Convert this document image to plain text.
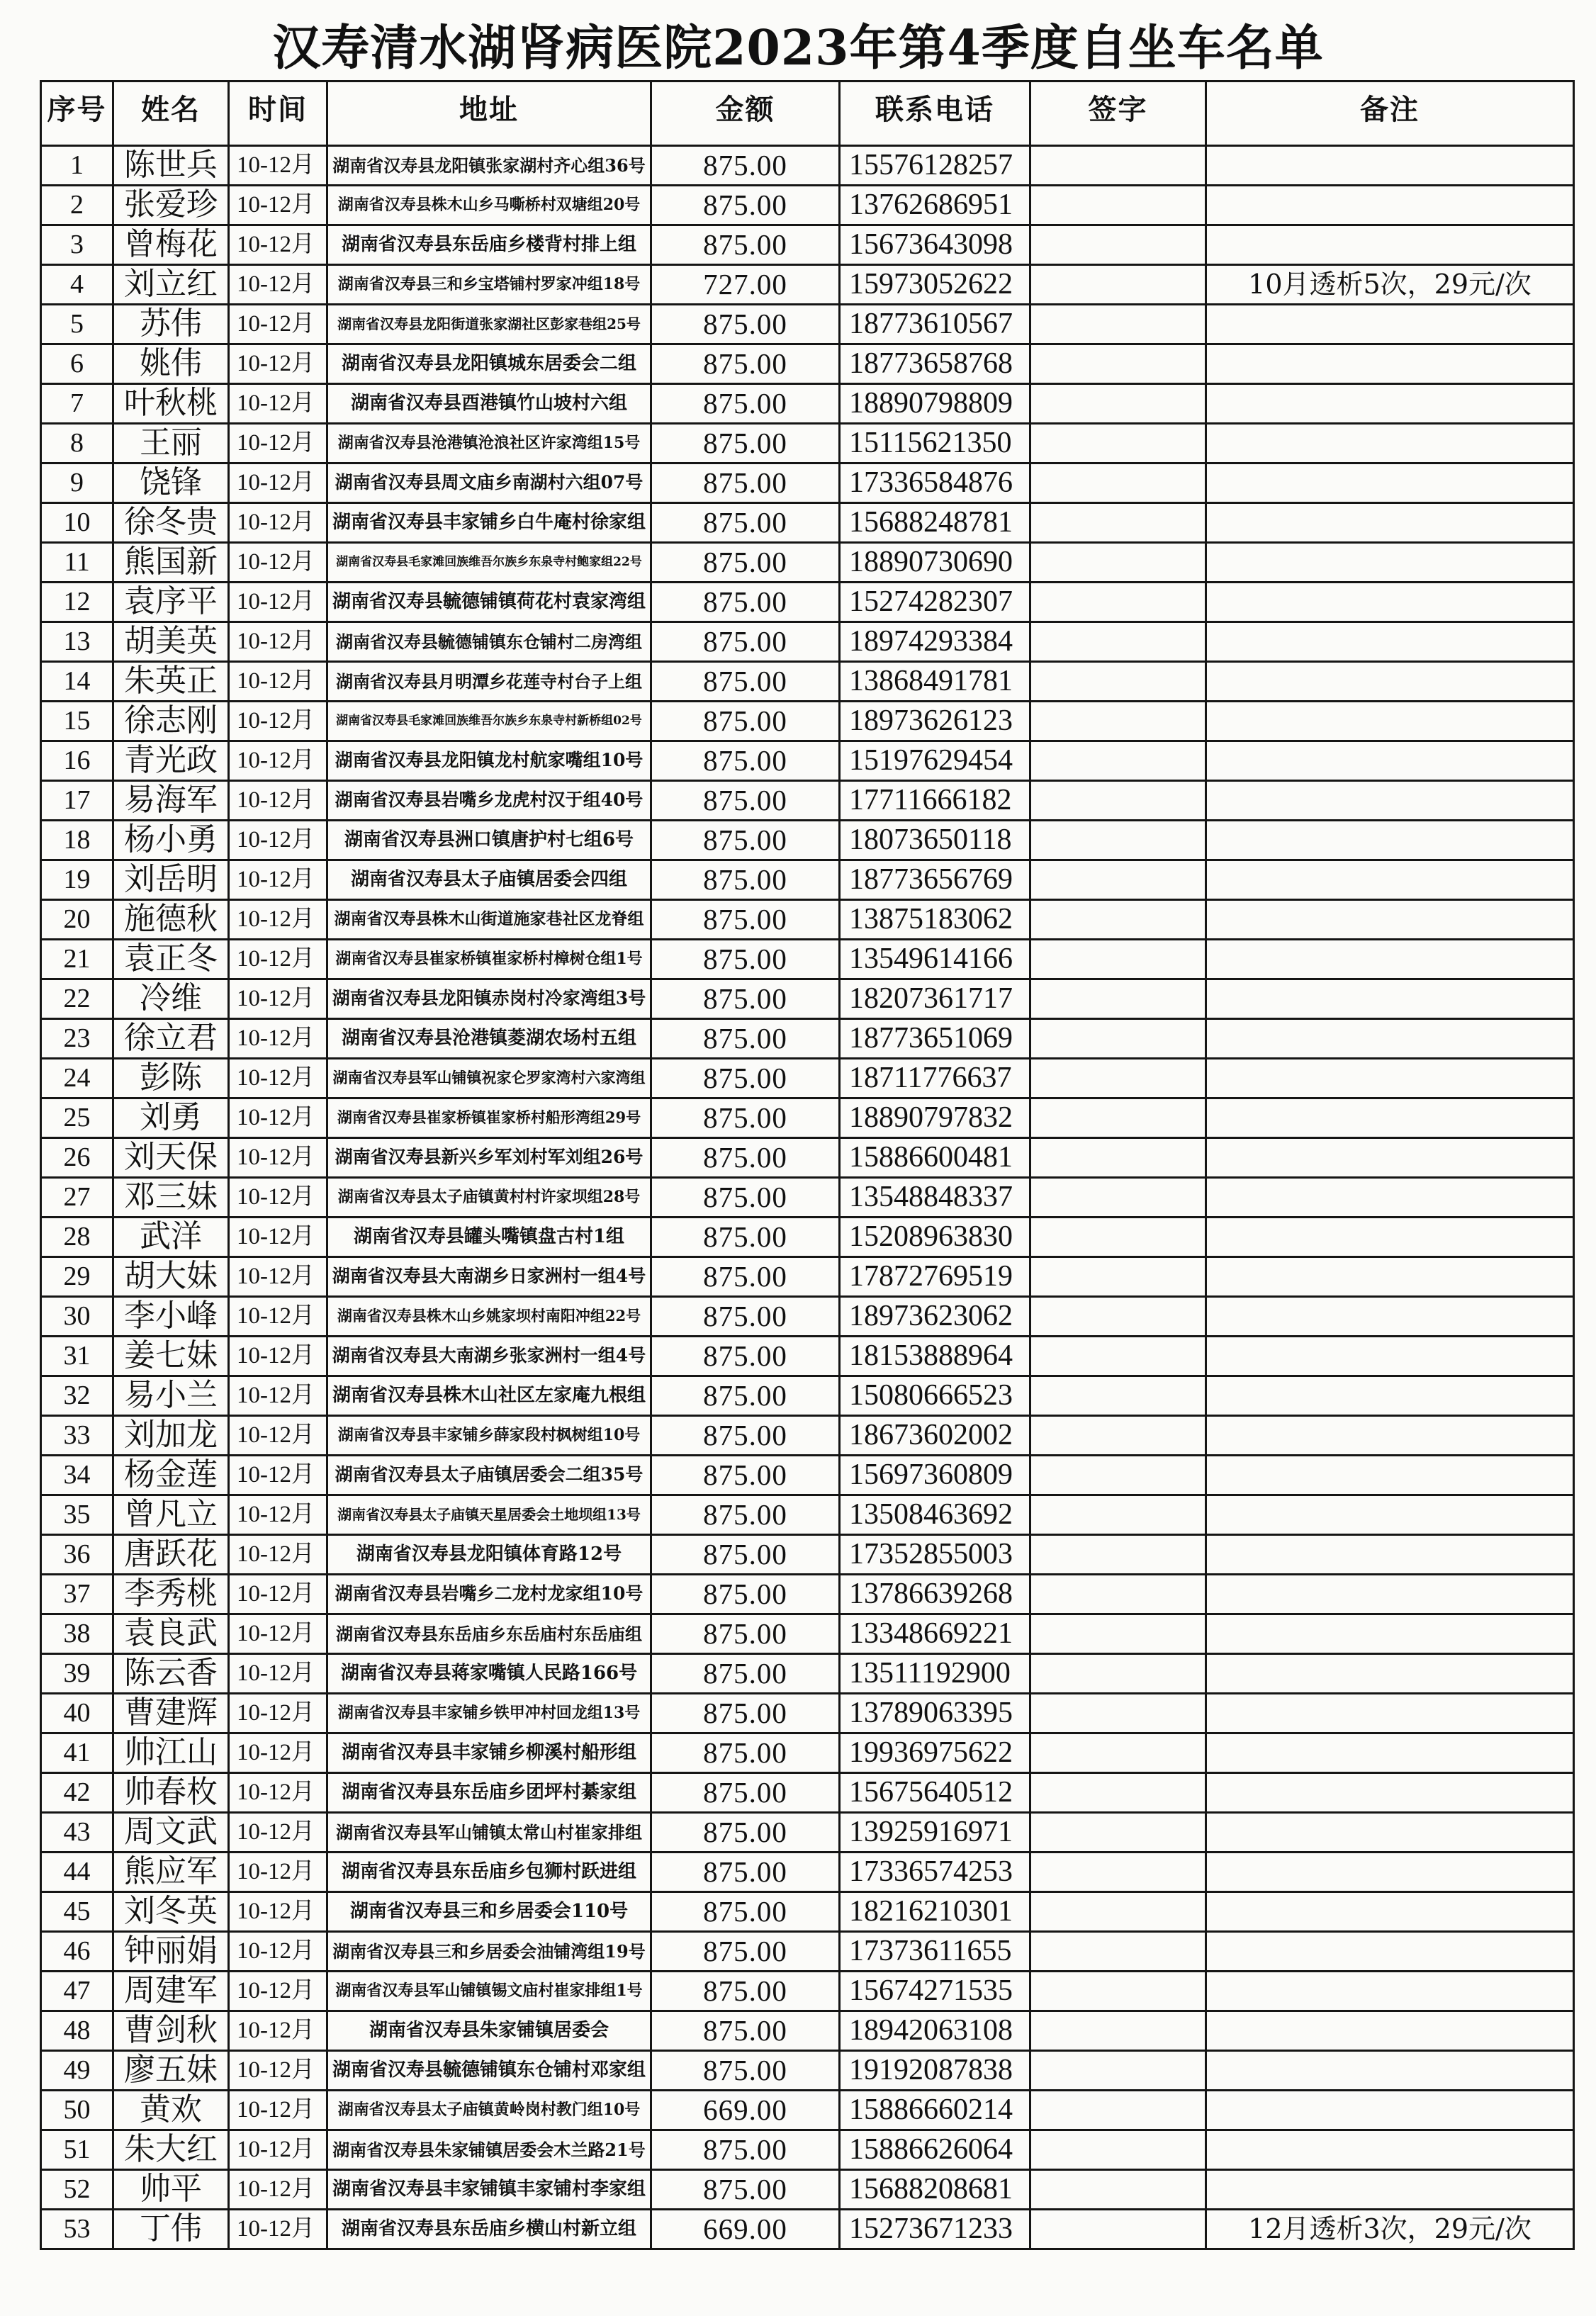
汉寿清水湖肾病医院2023年第4季度自坐车名单
序号 姓名 时间	地址	金额	联系电话	签字	备注
1 陈世兵 10-12月 湖南省汉寿县龙阳镇张家湖村齐心组36号 875.00 15576128257
2 张爱珍 10-12月 湖南省汉寿县株木山乡马嘶桥村双塘组20号 875.00 13762686951
3 曾梅花 10-12月 湖南省汉寿县东岳庙乡楼背村排上组 875.00 15673643098
4 刘立红 10-12月 湖南省汉寿县三和乡宝塔铺村罗家冲组18号 727.00 15973052622	10月透析5次，29元/次
5 苏伟 10-12月 湖南省汉寿县龙阳街道张家湖社区彭家巷组25号 875.00 18773610567
6 姚伟 10-12月 湖南省汉寿县龙阳镇城东居委会二组 875.00 18773658768
7 叶秋桃 10-12月 湖南省汉寿县酉港镇竹山坡村六组	875.00 18890798809
8 王丽 10-12月 湖南省汉寿县沧港镇沧浪社区许家湾组15号 875.00 15115621350
9 饶锋 10-12月 湖南省汉寿县周文庙乡南湖村六组07号 875.00 17336584876
10 徐冬贵 10-12月 湖南省汉寿县丰家铺乡白牛庵村徐家组 875.00 15688248781
11 熊国新 10-12月 湖南省汉寿县毛家滩回族维吾尔族乡东泉寺村鲍家组22号 875.00 18890730690
12 袁序平 10-12月 湖南省汉寿县毓德铺镇荷花村袁家湾组 875.00 15274282307
13 胡美英 10-12月 湖南省汉寿县毓德铺镇东仓铺村二房湾组 875.00 18974293384
14 朱英正 10-12月 湖南省汉寿县月明潭乡花莲寺村台子上组 875.00 13868491781
15 徐志刚 10-12月 湖南省汉寿县毛家滩回族维吾尔族乡东泉寺村新桥组02号 875.00 18973626123
16 青光政 10-12月 湖南省汉寿县龙阳镇龙村航家嘴组10号 875.00 15197629454
17 易海军 10-12月 湖南省汉寿县岩嘴乡龙虎村汉于组40号 875.00 17711666182
18 杨小勇 10-12月 湖南省汉寿县洲口镇唐护村七组6号 875.00 18073650118
19 刘岳明 10-12月 湖南省汉寿县太子庙镇居委会四组	875.00 18773656769
20 施德秋 10-12月 湖南省汉寿县株木山街道施家巷社区龙脊组 875.00 13875183062
21 袁正冬 10-12月 湖南省汉寿县崔家桥镇崔家桥村樟树仓组1号 875.00 13549614166
22 冷维 10-12月 湖南省汉寿县龙阳镇赤岗村冷家湾组3号 875.00 18207361717
23 徐立君 10-12月 湖南省汉寿县沧港镇菱湖农场村五组 875.00 18773651069
24 彭陈 10-12月 湖南省汉寿县军山铺镇祝家仑罗家湾村六家湾组 875.00 18711776637
25 刘勇 10-12月 湖南省汉寿县崔家桥镇崔家桥村船形湾组29号 875.00 18890797832
26 刘天保 10-12月 湖南省汉寿县新兴乡军刘村军刘组26号 875.00 15886600481
27 邓三妹 10-12月 湖南省汉寿县太子庙镇黄村村许家坝组28号 875.00 13548848337
28 武洋 10-12月 湖南省汉寿县罐头嘴镇盘古村1组	875.00 15208963830
29 胡大妹 10-12月 湖南省汉寿县大南湖乡日家洲村一组4号 875.00 17872769519
30 李小峰 10-12月 湖南省汉寿县株木山乡姚家坝村南阳冲组22号 875.00 18973623062
31 姜七妹 10-12月 湖南省汉寿县大南湖乡张家洲村一组4号 875.00 18153888964
32 易小兰 10-12月 湖南省汉寿县株木山社区左家庵九根组 875.00 15080666523
33 刘加龙 10-12月 湖南省汉寿县丰家铺乡薛家段村枫树组10号 875.00 18673602002
34 杨金莲 10-12月 湖南省汉寿县太子庙镇居委会二组35号 875.00 15697360809
35 曾凡立 10-12月 湖南省汉寿县太子庙镇天星居委会土地坝组13号 875.00 13508463692
36 唐跃花 10-12月 湖南省汉寿县龙阳镇体育路12号	875.00 17352855003
37 李秀桃 10-12月 湖南省汉寿县岩嘴乡二龙村龙家组10号 875.00 13786639268
38 袁良武 10-12月 湖南省汉寿县东岳庙乡东岳庙村东岳庙组 875.00 13348669221
39 陈云香 10-12月 湖南省汉寿县蒋家嘴镇人民路166号 875.00 13511192900
40 曹建辉 10-12月 湖南省汉寿县丰家铺乡铁甲冲村回龙组13号 875.00 13789063395
41 帅江山 10-12月 湖南省汉寿县丰家铺乡柳溪村船形组 875.00 19936975622
42 帅春枚 10-12月 湖南省汉寿县东岳庙乡团坪村綦家组 875.00 15675640512
43 周文武 10-12月 湖南省汉寿县军山铺镇太常山村崔家排组 875.00 13925916971
44 熊应军 10-12月 湖南省汉寿县东岳庙乡包狮村跃进组 875.00 17336574253
45 刘冬英 10-12月 湖南省汉寿县三和乡居委会110号	875.00 18216210301
46 钟丽娟 10-12月 湖南省汉寿县三和乡居委会油铺湾组19号 875.00 17373611655
47 周建军 10-12月 湖南省汉寿县军山铺镇锡文庙村崔家排组1号 875.00 15674271535
48 曹剑秋 10-12月	湖南省汉寿县朱家铺镇居委会	875.00 18942063108
49 廖五妹 10-12月 湖南省汉寿县毓德铺镇东仓铺村邓家组 875.00 19192087838
50 黄欢 10-12月 湖南省汉寿县太子庙镇黄岭岗村教门组10号 669.00 15886660214
51 朱大红 10-12月 湖南省汉寿县朱家铺镇居委会木兰路21号 875.00 15886626064
52 帅平 10-12月 湖南省汉寿县丰家铺镇丰家铺村李家组 875.00 15688208681
53 丁伟 10-12月 湖南省汉寿县东岳庙乡横山村新立组 669.00 15273671233	12月透析3次，29元/次
